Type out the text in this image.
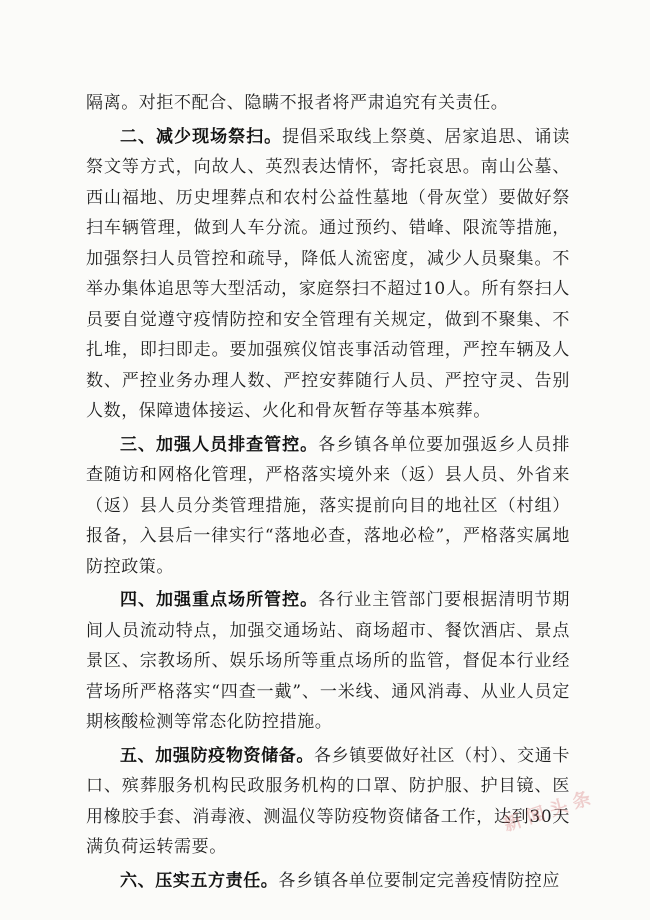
隔离。对拒不配合、隐瞒不报者将严肃追究有关责任。

二、减少现场祭扫。提倡采取线上祭奠、居家追思、诵读祭文等方式，向故人、英烈表达情怀，寄托哀思。南山公墓、西山福地、历史埋葬点和农村公益性墓地（骨灰堂）要做好祭扫车辆管理，做到人车分流。通过预约、错峰、限流等措施，加强祭扫人员管控和疏导，降低人流密度，减少人员聚集。不举办集体追思等大型活动，家庭祭扫不超过10人。所有祭扫人员要自觉遵守疫情防控和安全管理有关规定，做到不聚集、不扎堆，即扫即走。要加强殡仪馆丧事活动管理，严控车辆及人数、严控业务办理人数、严控安葬随行人员、严控守灵、告别人数，保障遗体接运、火化和骨灰暂存等基本殡葬。

三、加强人员排查管控。各乡镇各单位要加强返乡人员排查随访和网格化管理，严格落实境外来（返）县人员、外省来（返）县人员分类管理措施，落实提前向目的地社区（村组）报备，入县后一律实行“落地必查，落地必检”，严格落实属地防控政策。

四、加强重点场所管控。各行业主管部门要根据清明节期间人员流动特点，加强交通场站、商场超市、餐饮酒店、景点景区、宗教场所、娱乐场所等重点场所的监管，督促本行业经营场所严格落实“四查一戴”、一米线、通风消毒、从业人员定期核酸检测等常态化防控措施。

五、加强防疫物资储备。各乡镇要做好社区（村）、交通卡口、殡葬服务机构民政服务机构的口罩、防护服、护目镜、医用橡胶手套、消毒液、测温仪等防疫物资储备工作，达到30天满负荷运转需要。

六、压实五方责任。各乡镇各单位要制定完善疫情防控应

新闻头条
